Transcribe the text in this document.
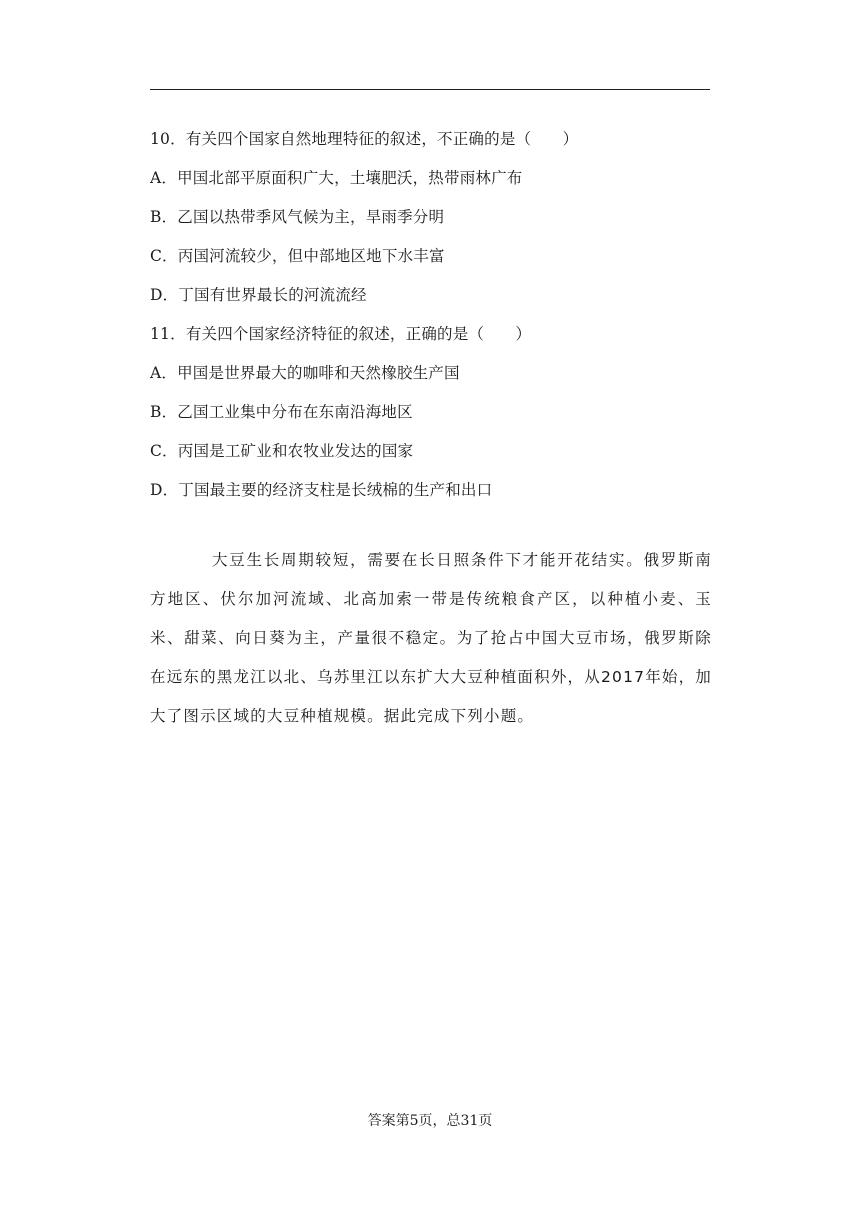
10．有关四个国家自然地理特征的叙述，不正确的是（　　）
A．甲国北部平原面积广大，土壤肥沃，热带雨林广布
B．乙国以热带季风气候为主，旱雨季分明
C．丙国河流较少，但中部地区地下水丰富
D．丁国有世界最长的河流流经
11．有关四个国家经济特征的叙述，正确的是（　　）
A．甲国是世界最大的咖啡和天然橡胶生产国
B．乙国工业集中分布在东南沿海地区
C．丙国是工矿业和农牧业发达的国家
D．丁国最主要的经济支柱是长绒棉的生产和出口

大豆生长周期较短，需要在长日照条件下才能开花结实。俄罗斯南方地区、伏尔加河流域、北高加索一带是传统粮食产区，以种植小麦、玉米、甜菜、向日葵为主，产量很不稳定。为了抢占中国大豆市场，俄罗斯除在远东的黑龙江以北、乌苏里江以东扩大大豆种植面积外，从2017年始，加大了图示区域的大豆种植规模。据此完成下列小题。

答案第5页，总31页
